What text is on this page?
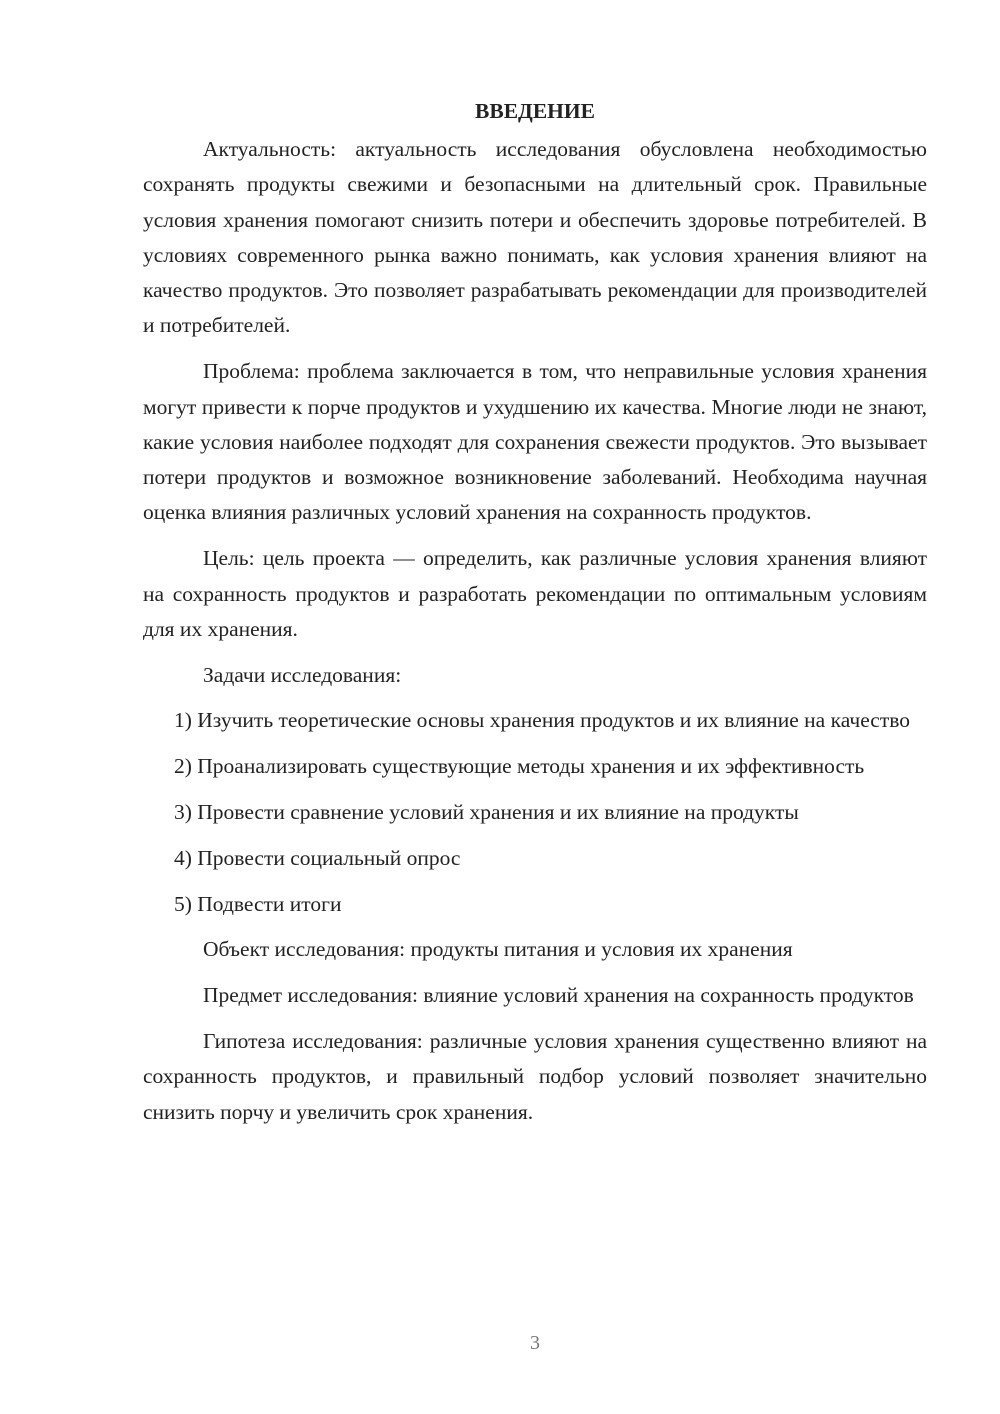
ВВЕДЕНИЕ

Актуальность: актуальность исследования обусловлена необходимостью сохранять продукты свежими и безопасными на длительный срок. Правильные условия хранения помогают снизить потери и обеспечить здоровье потребителей. В условиях современного рынка важно понимать, как условия хранения влияют на качество продуктов. Это позволяет разрабатывать рекомендации для производителей и потребителей.

Проблема: проблема заключается в том, что неправильные условия хранения могут привести к порче продуктов и ухудшению их качества. Многие люди не знают, какие условия наиболее подходят для сохранения свежести продуктов. Это вызывает потери продуктов и возможное возникновение заболеваний. Необходима научная оценка влияния различных условий хранения на сохранность продуктов.

Цель: цель проекта — определить, как различные условия хранения влияют на сохранность продуктов и разработать рекомендации по оптимальным условиям для их хранения.

Задачи исследования:

1) Изучить теоретические основы хранения продуктов и их влияние на качество

2) Проанализировать существующие методы хранения и их эффективность

3) Провести сравнение условий хранения и их влияние на продукты

4) Провести социальный опрос

5) Подвести итоги

Объект исследования: продукты питания и условия их хранения

Предмет исследования: влияние условий хранения на сохранность продуктов

Гипотеза исследования: различные условия хранения существенно влияют на сохранность продуктов, и правильный подбор условий позволяет значительно снизить порчу и увеличить срок хранения.

3
